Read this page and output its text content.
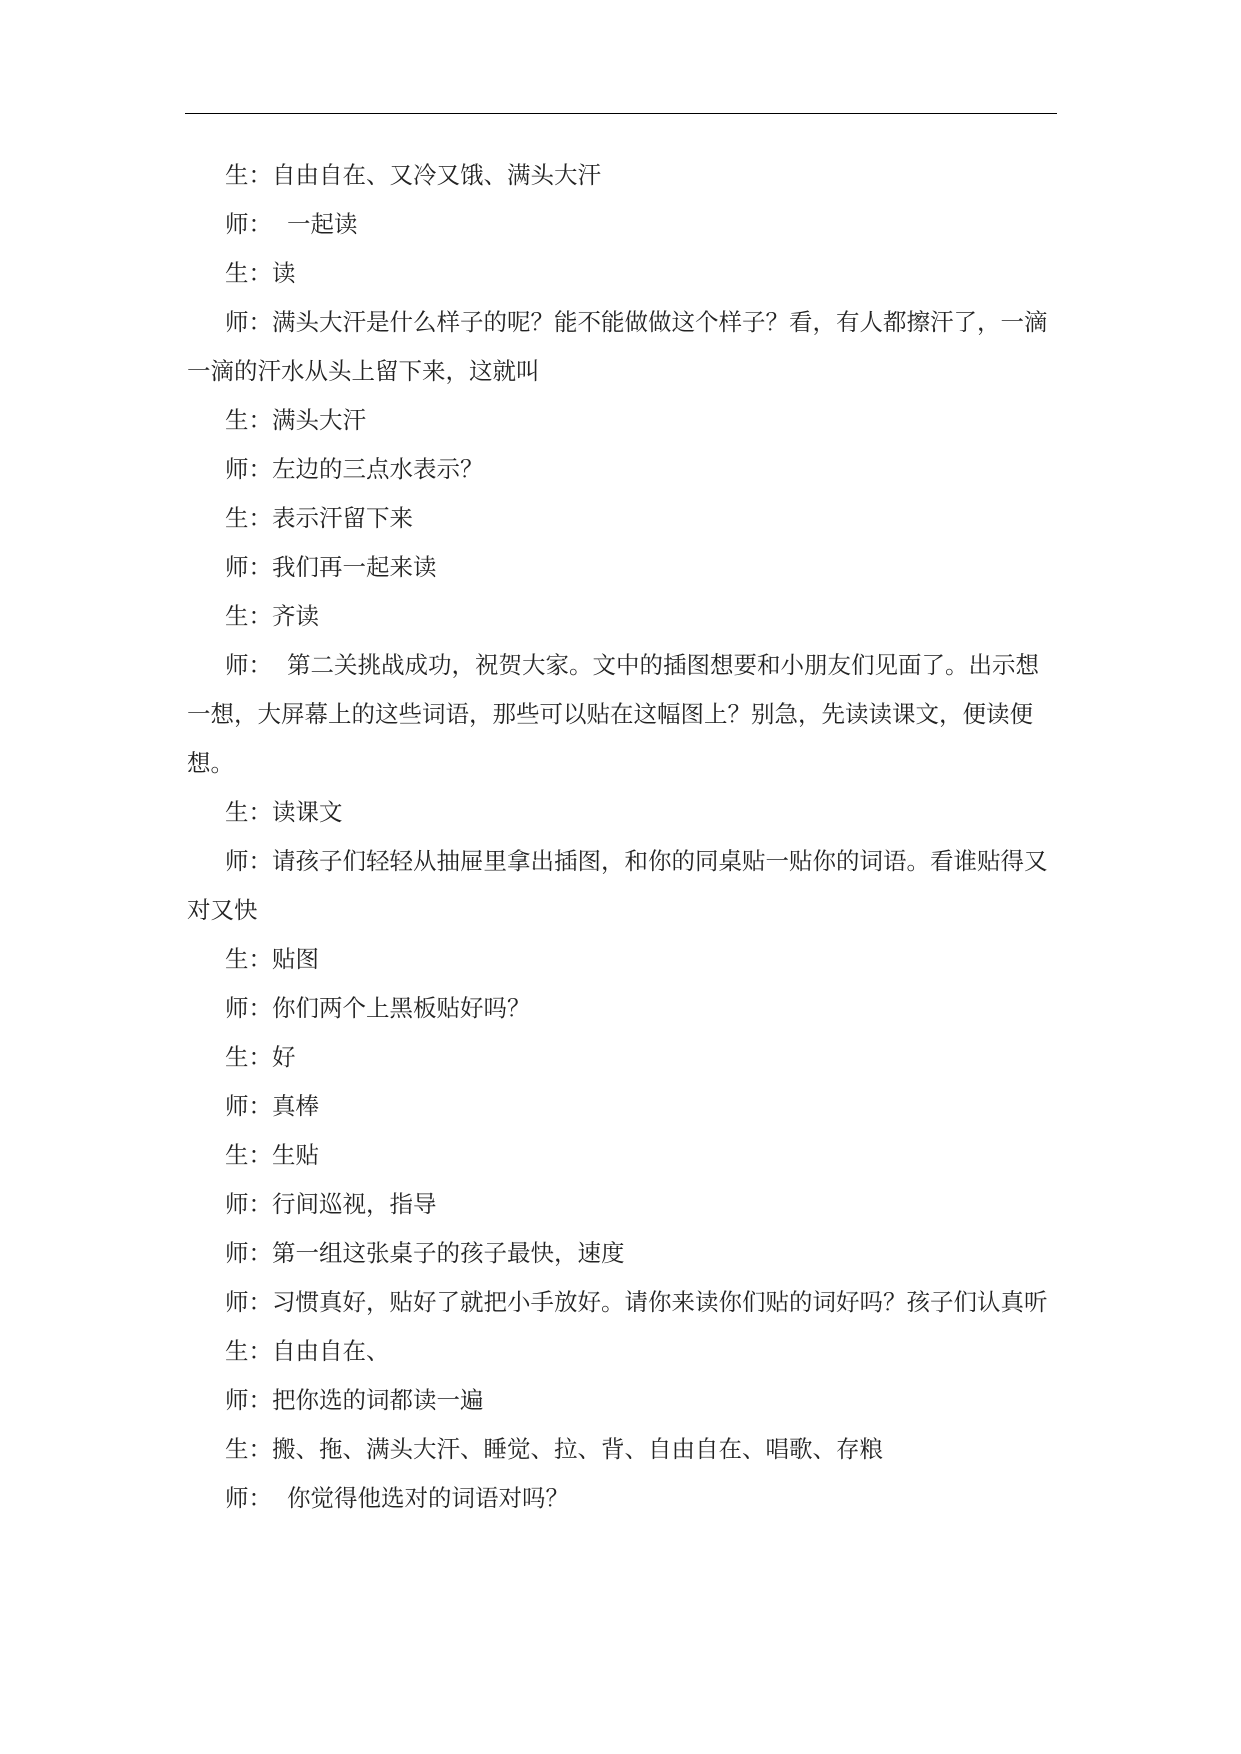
生：自由自在、又冷又饿、满头大汗

师：  一起读

生：读

师：满头大汗是什么样子的呢？能不能做做这个样子？看，有人都擦汗了，一滴一滴的汗水从头上留下来，这就叫

生：满头大汗

师：左边的三点水表示？

生：表示汗留下来

师：我们再一起来读

生：齐读

师：  第二关挑战成功，祝贺大家。文中的插图想要和小朋友们见面了。出示想一想，大屏幕上的这些词语，那些可以贴在这幅图上？别急，先读读课文，便读便想。

生：读课文

师：请孩子们轻轻从抽屉里拿出插图，和你的同桌贴一贴你的词语。看谁贴得又对又快

生：贴图

师：你们两个上黑板贴好吗？

生：好

师：真棒

生：生贴

师：行间巡视，指导

师：第一组这张桌子的孩子最快，速度

师：习惯真好，贴好了就把小手放好。请你来读你们贴的词好吗？孩子们认真听

生：自由自在、

师：把你选的词都读一遍

生：搬、拖、满头大汗、睡觉、拉、背、自由自在、唱歌、存粮

师：  你觉得他选对的词语对吗？
